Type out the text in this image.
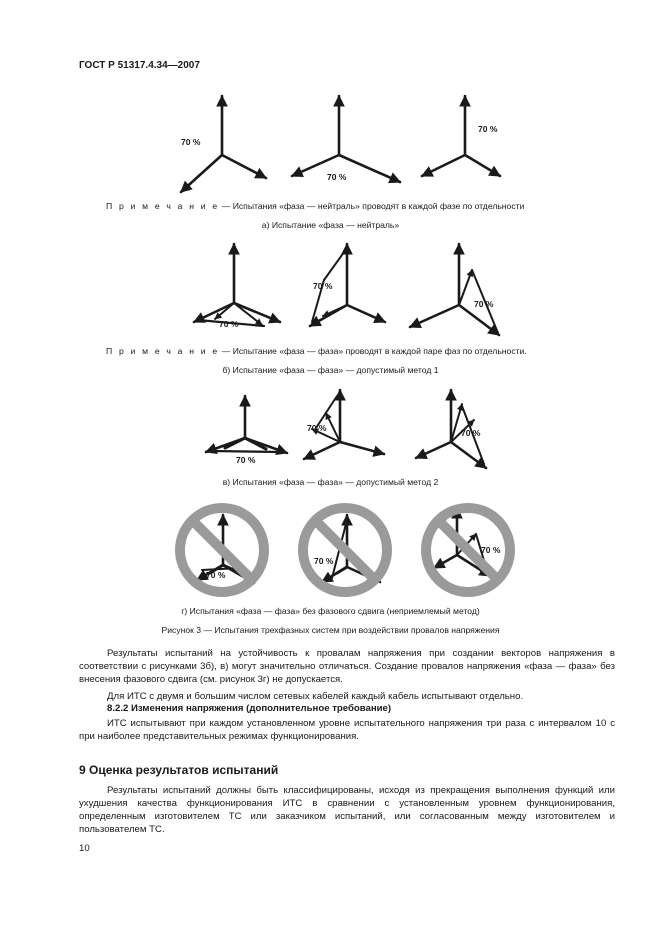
ГОСТ Р 51317.4.34—2007
70 %
70 %
70 %
70 %
70 %
70 %
70 %
70 %	70 %
70 %
70 %
70 %
П р и м е ч а н и е — Испытания «фаза — нейтраль» проводят в каждой фазе по отдельности
а) Испытание «фаза — нейтраль»
П р и м е ч а н и е — Испытание «фаза — фаза» проводят в каждой паре фаз по отдельности.
б) Испытание «фаза — фаза» — допустимый метод 1
в) Испытания «фаза — фаза» — допустимый метод 2
г) Испытания «фаза — фаза» без фазового сдвига (неприемлемый метод)
Рисунок 3 — Испытания трехфазных систем при воздействии провалов напряжения
Результаты испытаний на устойчивость к провалам напряжения при создании векторов напряжения в соответствии с рисунками 3б), в) могут значительно отличаться. Создание провалов напряжения «фаза — фаза» без внесения фазового сдвига (см. рисунок 3г) не допускается.
Для ИТС с двумя и большим числом сетевых кабелей каждый кабель испытывают отдельно.
8.2.2 Изменения напряжения (дополнительное требование)
ИТС испытывают при каждом установленном уровне испытательного напряжения три раза с интервалом 10 с при наиболее представительных режимах функционирования.
9 Оценка результатов испытаний
Результаты испытаний должны быть классифицированы, исходя из прекращения выполнения функций или ухудшения качества функционирования ИТС в сравнении с установленным уровнем функционирования, определенным изготовителем ТС или заказчиком испытаний, или согласованным между изготовителем и пользователем ТС.
10
